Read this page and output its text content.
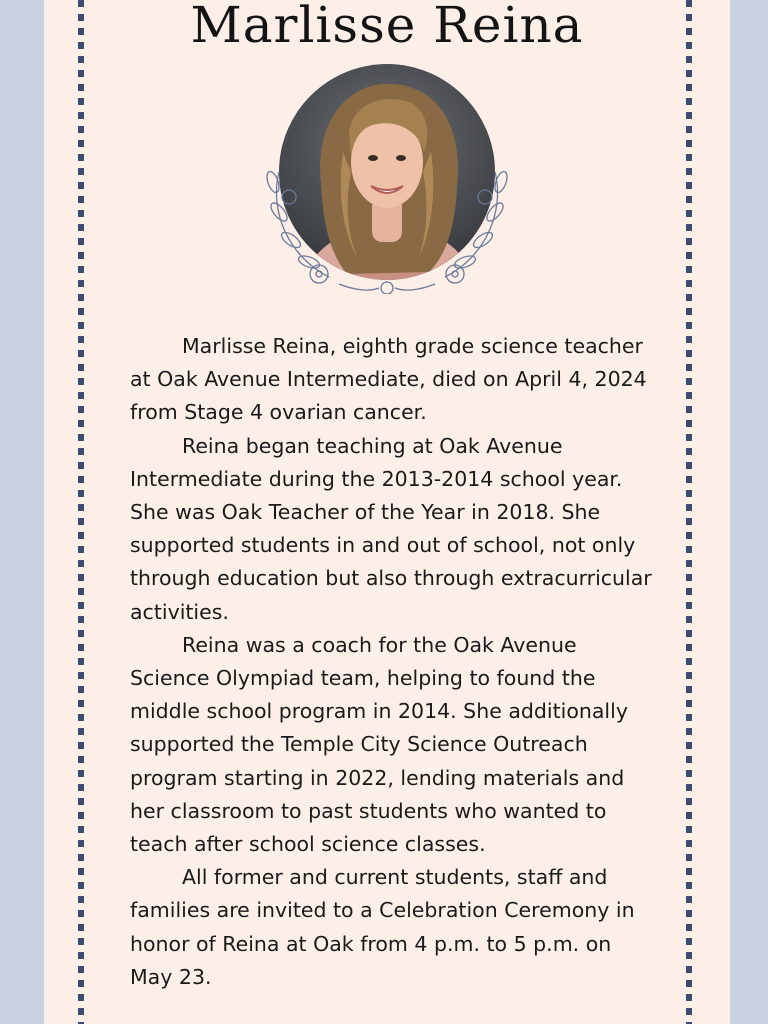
Marlisse Reina

Marlisse Reina, eighth grade science teacher at Oak Avenue Intermediate, died on April 4, 2024 from Stage 4 ovarian cancer.

Reina began teaching at Oak Avenue Intermediate during the 2013-2014 school year. She was Oak Teacher of the Year in 2018. She supported students in and out of school, not only through education but also through extracurricular activities.

Reina was a coach for the Oak Avenue Science Olympiad team, helping to found the middle school program in 2014. She additionally supported the Temple City Science Outreach program starting in 2022, lending materials and her classroom to past students who wanted to teach after school science classes.

All former and current students, staff and families are invited to a Celebration Ceremony in honor of Reina at Oak from 4 p.m. to 5 p.m. on May 23.
